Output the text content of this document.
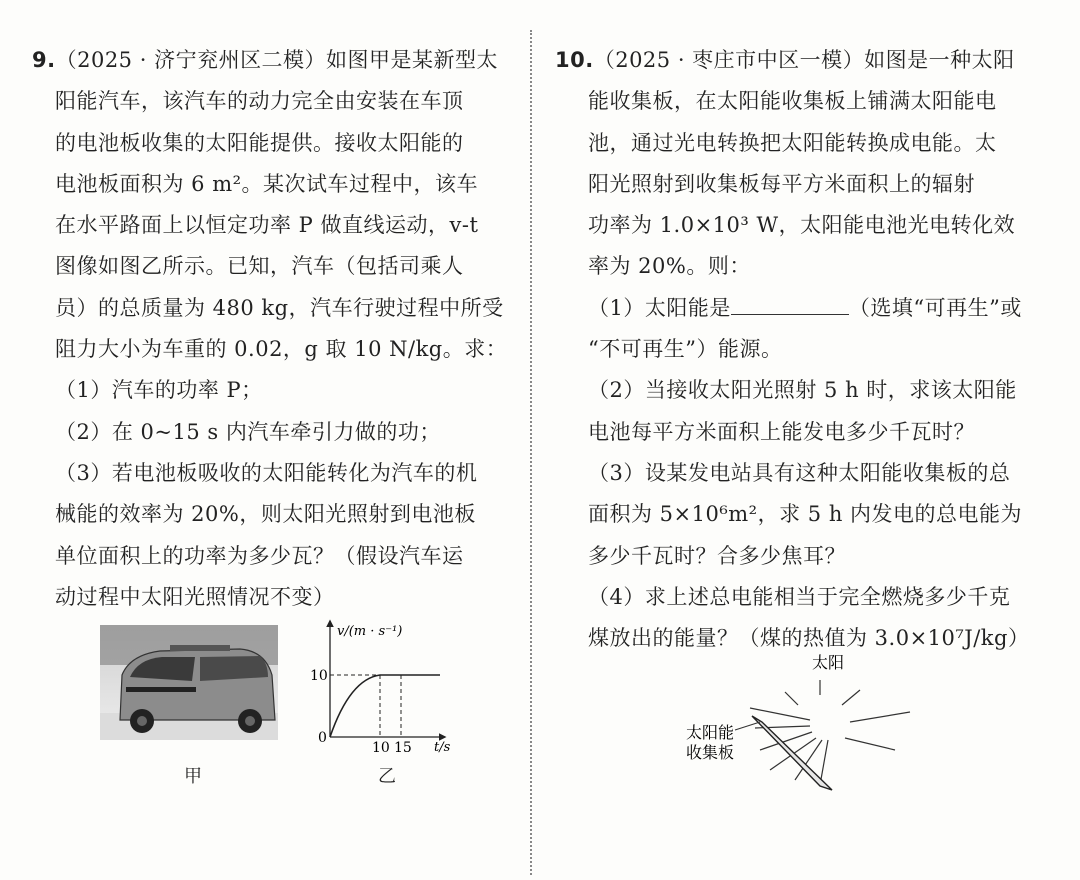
9.（2025 · 济宁兖州区二模）如图甲是某新型太
阳能汽车，该汽车的动力完全由安装在车顶
的电池板收集的太阳能提供。接收太阳能的
电池板面积为 6 m²。某次试车过程中，该车
在水平路面上以恒定功率 P 做直线运动，v-t
图像如图乙所示。已知，汽车（包括司乘人
员）的总质量为 480 kg，汽车行驶过程中所受
阻力大小为车重的 0.02，g 取 10 N/kg。求：
（1）汽车的功率 P；
（2）在 0~15 s 内汽车牵引力做的功；
（3）若电池板吸收的太阳能转化为汽车的机
械能的效率为 20%，则太阳光照射到电池板
单位面积上的功率为多少瓦？（假设汽车运
动过程中太阳光照情况不变）
甲
v/(m · s⁻¹)
t/s
0
10
10 15
乙
10.（2025 · 枣庄市中区一模）如图是一种太阳
能收集板，在太阳能收集板上铺满太阳能电
池，通过光电转换把太阳能转换成电能。太
阳光照射到收集板每平方米面积上的辐射
功率为 1.0×10³ W，太阳能电池光电转化效
率为 20%。则：
（1）太阳能是	（选填“可再生”或
“不可再生”）能源。
（2）当接收太阳光照射 5 h 时，求该太阳能
电池每平方米面积上能发电多少千瓦时？
（3）设某发电站具有这种太阳能收集板的总
面积为 5×10⁶m²，求 5 h 内发电的总电能为
多少千瓦时？合多少焦耳？
（4）求上述总电能相当于完全燃烧多少千克
煤放出的能量？（煤的热值为 3.0×10⁷J/kg）
太阳
太阳能
收集板
